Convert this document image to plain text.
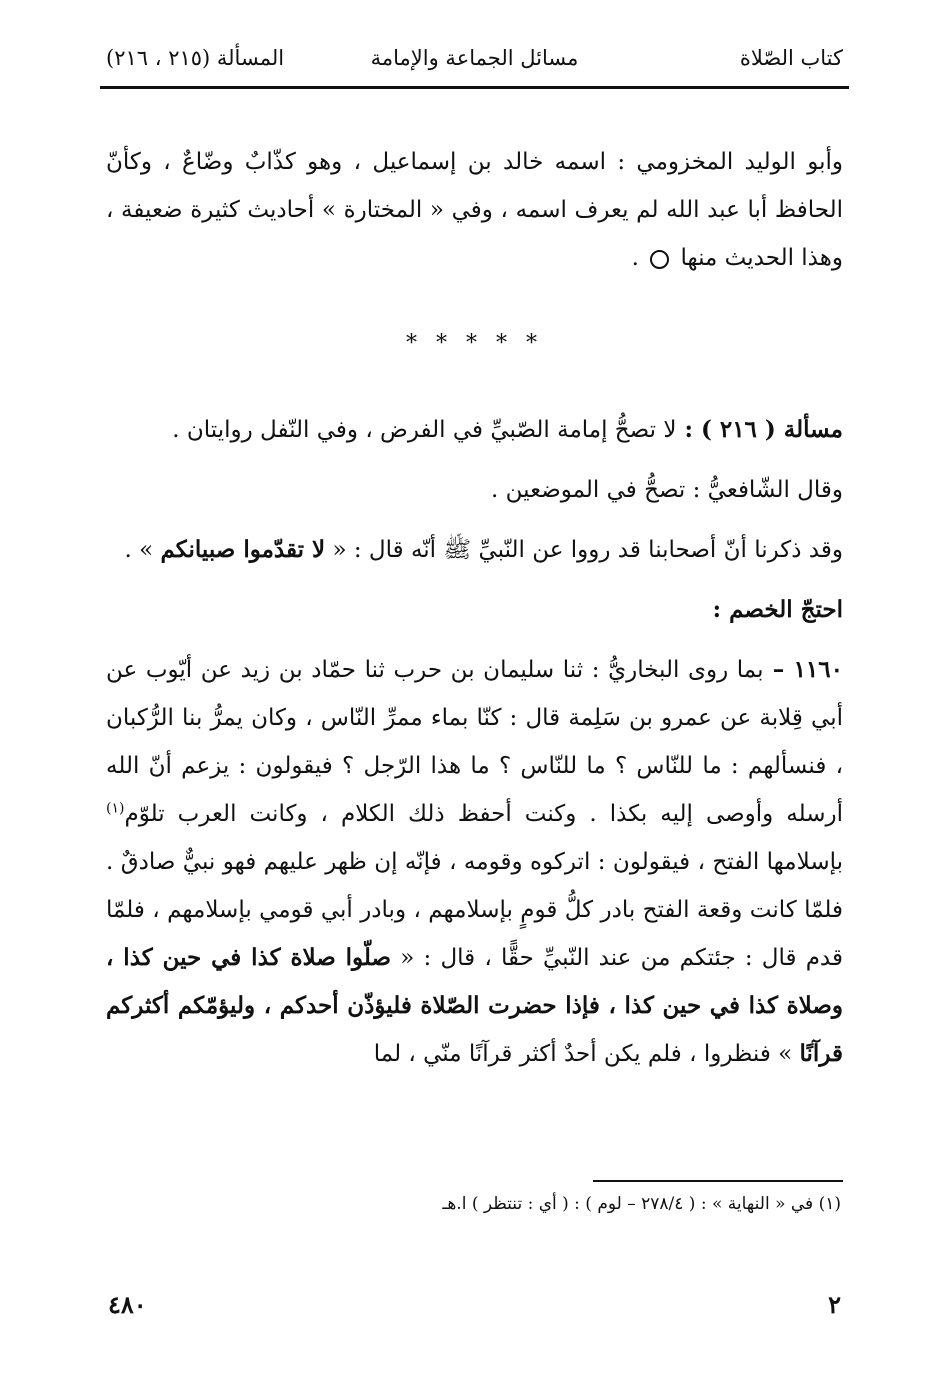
كتاب الصّلاة
مسائل الجماعة والإمامة
المسألة (٢١٥ ، ٢١٦)

وأبو الوليد المخزومي : اسمه خالد بن إسماعيل ، وهو كذّابٌ وضّاعٌ ، وكأنّ الحافظ أبا عبد الله لم يعرف اسمه ، وفي « المختارة » أحاديث كثيرة ضعيفة ، وهذا الحديث منها  .

* * * * *

مسألة ( ٢١٦ ) : لا تصحُّ إمامة الصّبيِّ في الفرض ، وفي النّفل روايتان .

وقال الشّافعيُّ : تصحُّ في الموضعين .

وقد ذكرنا أنّ أصحابنا قد رووا عن النّبيِّ ﷺ أنّه قال : « لا تقدّموا صبيانكم » .

احتجّ الخصم :

١١٦٠ – بما روى البخاريُّ : ثنا سليمان بن حرب ثنا حمّاد بن زيد عن أيّوب عن أبي قِلابة عن عمرو بن سَلِمة قال : كنّا بماء ممرِّ النّاس ، وكان يمرُّ بنا الرُّكبان ، فنسألهم : ما للنّاس ؟ ما للنّاس ؟ ما هذا الرّجل ؟ فيقولون : يزعم أنّ الله أرسله وأوصى إليه بكذا . وكنت أحفظ ذلك الكلام ، وكانت العرب تلوّم$^{(١)}$ بإسلامها الفتح ، فيقولون : اتركوه وقومه ، فإنّه إن ظهر عليهم فهو نبيٌّ صادقٌ . فلمّا كانت وقعة الفتح بادر كلُّ قومٍ بإسلامهم ، وبادر أبي قومي بإسلامهم ، فلمّا قدم قال : جئتكم من عند النّبيِّ حقًّا ، قال : « صلّوا صلاة كذا في حين كذا ، وصلاة كذا في حين كذا ، فإذا حضرت الصّلاة فليؤذّن أحدكم ، وليؤمّكم أكثركم قرآنًا » فنظروا ، فلم يكن أحدٌ أكثر قرآنًا منّي ، لما

(١) في « النهاية » : ( ٢٧٨/٤ – لوم ) : ( أي : تنتظر ) ا.هـ
٢
٤٨٠
